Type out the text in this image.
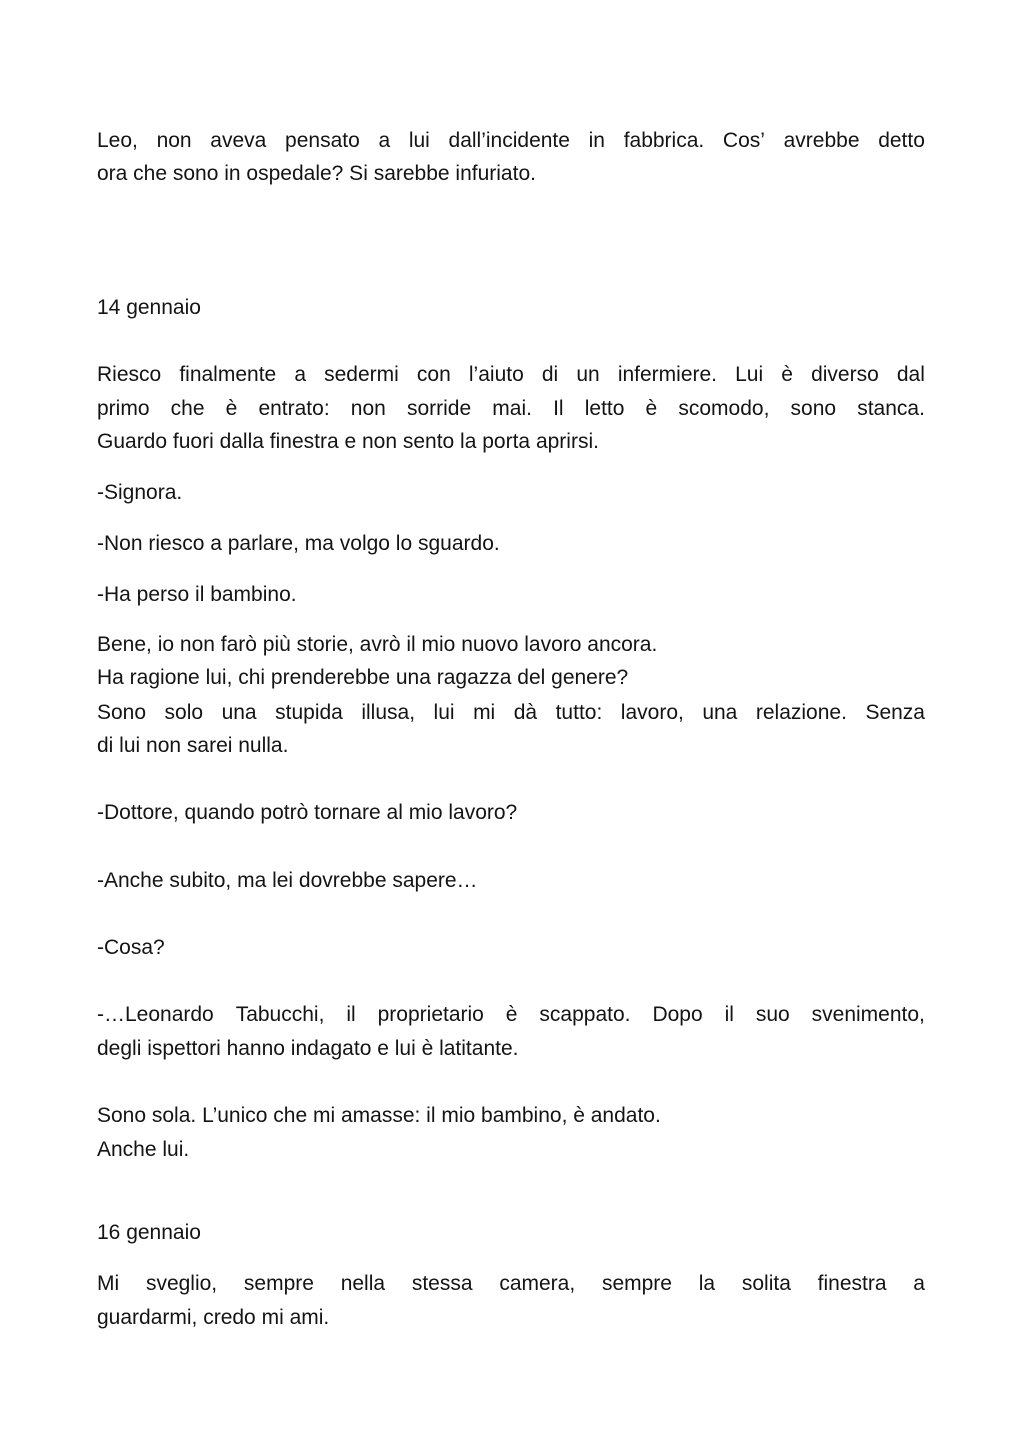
Leo, non aveva pensato a lui dall’incidente in fabbrica. Cos’ avrebbe detto
ora che sono in ospedale? Si sarebbe infuriato.
14 gennaio
Riesco finalmente a sedermi con l’aiuto di un infermiere. Lui è diverso dal
primo che è entrato: non sorride mai. Il letto è scomodo, sono stanca.
Guardo fuori dalla finestra e non sento la porta aprirsi.
-Signora.
-Non riesco a parlare, ma volgo lo sguardo.
-Ha perso il bambino.
Bene, io non farò più storie, avrò il mio nuovo lavoro ancora.
Ha ragione lui, chi prenderebbe una ragazza del genere?
Sono solo una stupida illusa, lui mi dà tutto: lavoro, una relazione. Senza
di lui non sarei nulla.
-Dottore, quando potrò tornare al mio lavoro?
-Anche subito, ma lei dovrebbe sapere…
-Cosa?
-…Leonardo Tabucchi, il proprietario è scappato. Dopo il suo svenimento,
degli ispettori hanno indagato e lui è latitante.
Sono sola. L’unico che mi amasse: il mio bambino, è andato.
Anche lui.
16 gennaio
Mi sveglio, sempre nella stessa camera, sempre la solita finestra a
guardarmi, credo mi ami.
